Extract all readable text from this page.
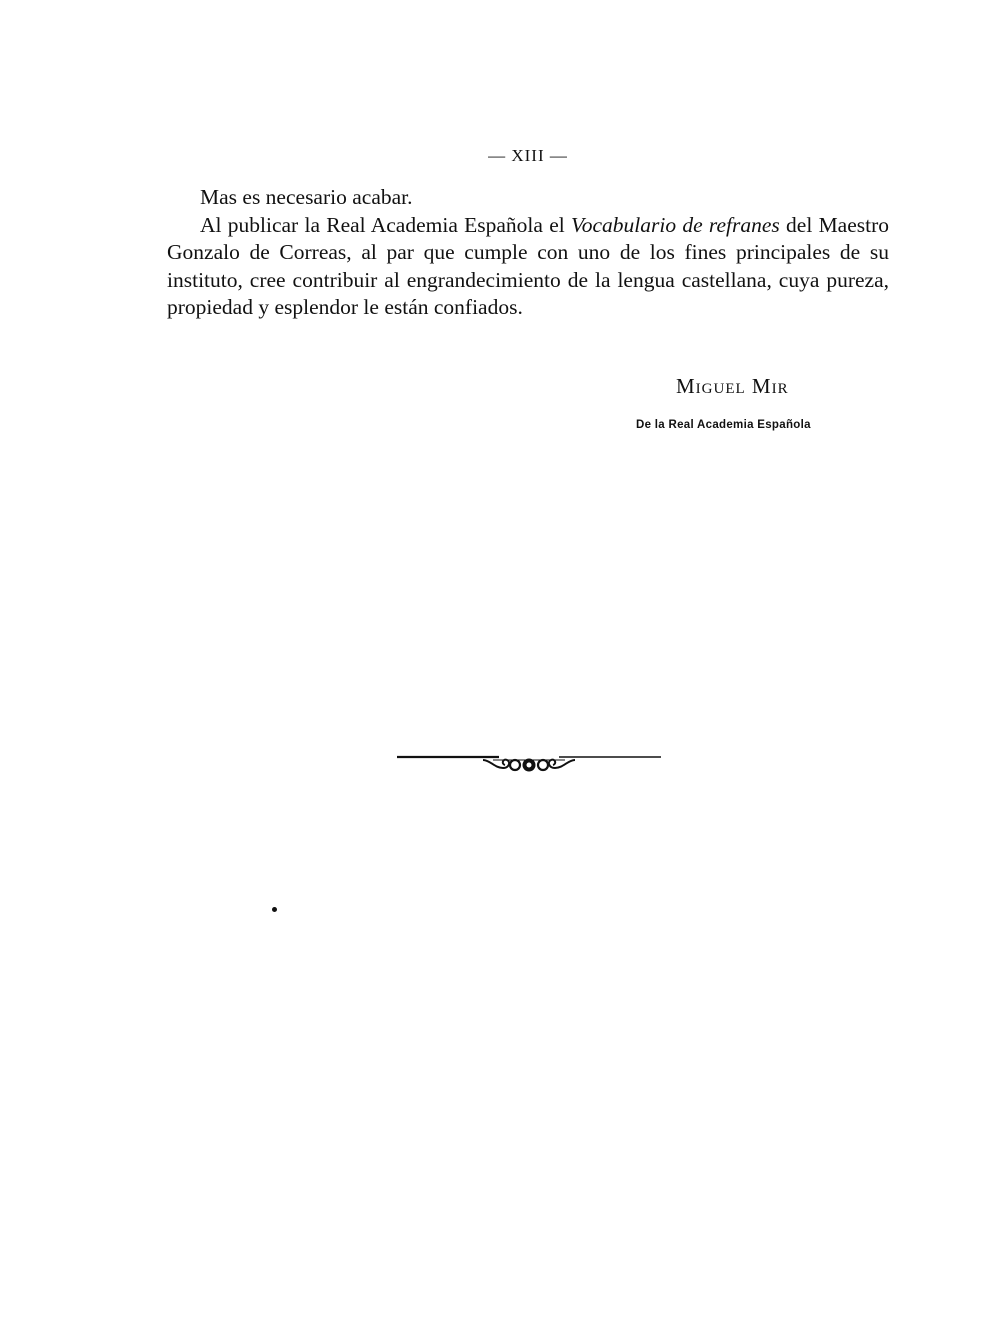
— XIII —

Mas es necesario acabar.

Al publicar la Real Academia Española el Vocabulario de refranes del Maestro Gonzalo de Correas, al par que cumple con uno de los fines principales de su instituto, cree contribuir al engrandecimiento de la lengua castellana, cuya pureza, propiedad y esplendor le están confiados.

Miguel Mir
De la Real Academia Española
